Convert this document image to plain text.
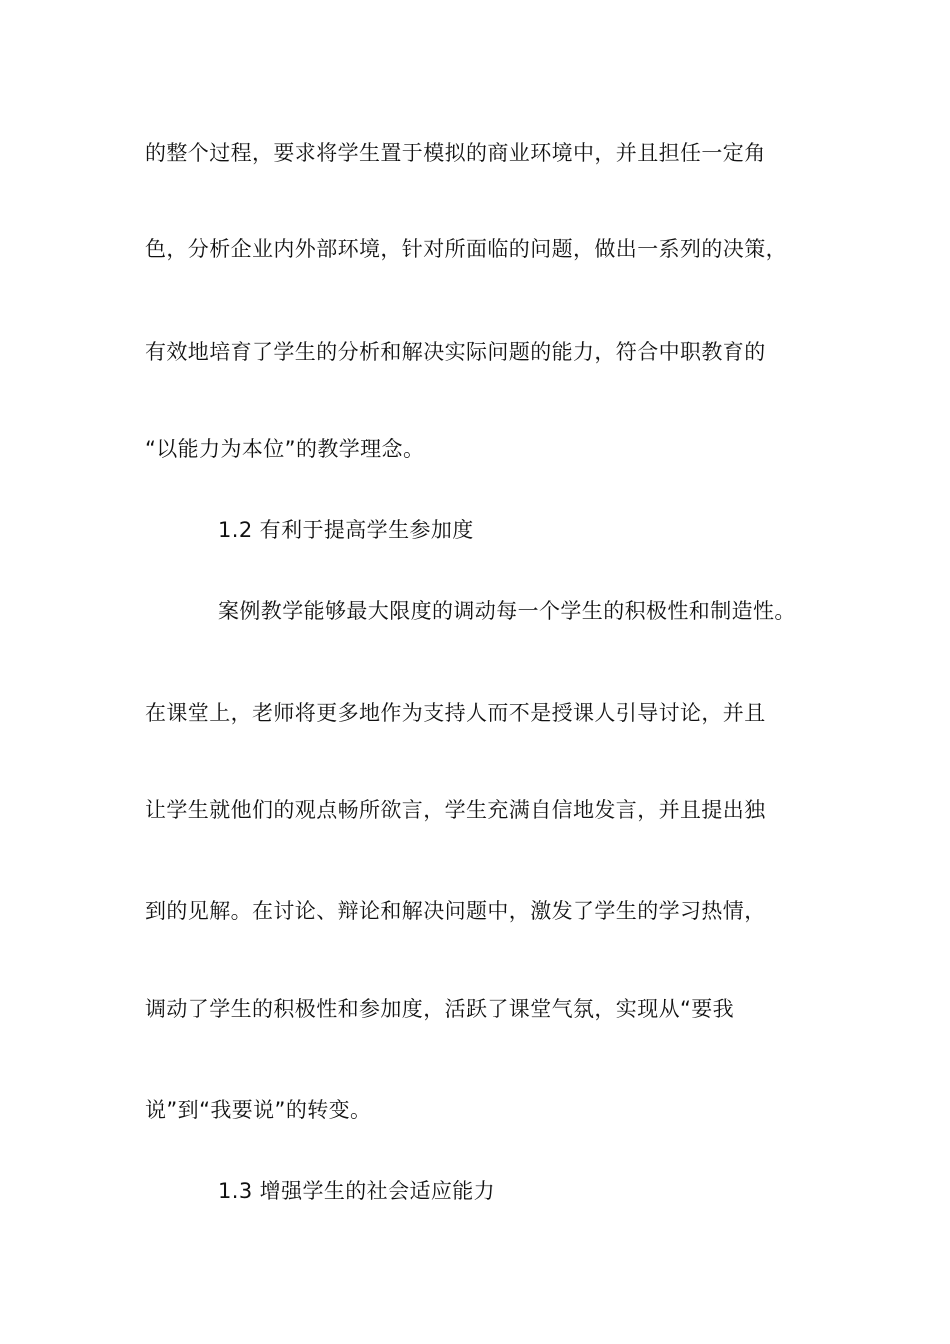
的整个过程，要求将学生置于模拟的商业环境中，并且担任一定角
色，分析企业内外部环境，针对所面临的问题，做出一系列的决策，
有效地培育了学生的分析和解决实际问题的能力，符合中职教育的
“以能力为本位”的教学理念。
1.2 有利于提高学生参加度
案例教学能够最大限度的调动每一个学生的积极性和制造性。
在课堂上，老师将更多地作为支持人而不是授课人引导讨论，并且
让学生就他们的观点畅所欲言，学生充满自信地发言，并且提出独
到的见解。在讨论、辩论和解决问题中，激发了学生的学习热情，
调动了学生的积极性和参加度，活跃了课堂气氛，实现从“要我
说”到“我要说”的转变。
1.3 增强学生的社会适应能力
